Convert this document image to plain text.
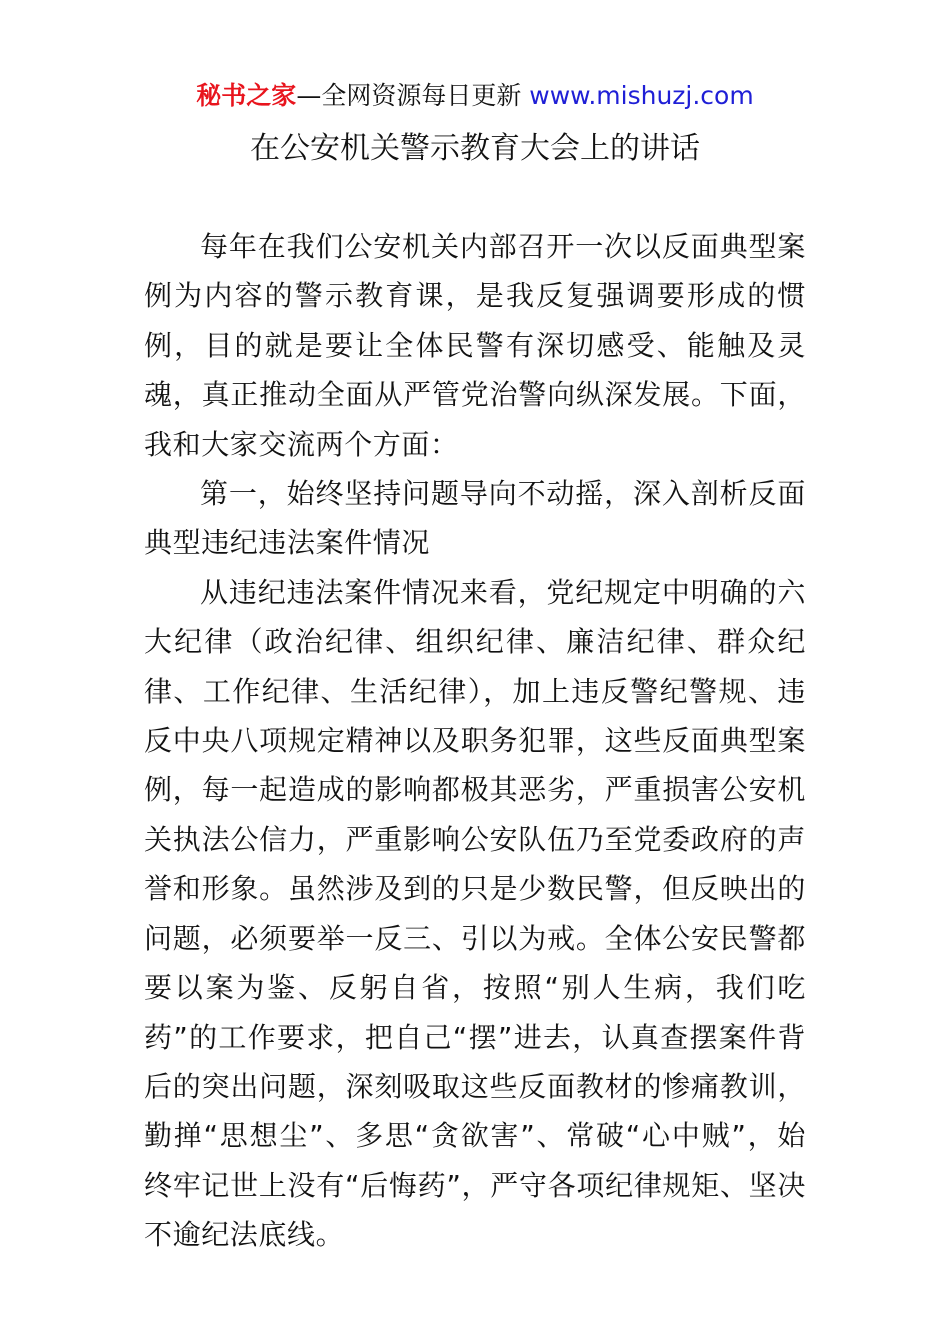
秘书之家—全网资源每日更新 www.mishuzj.com
在公安机关警示教育大会上的讲话

每年在我们公安机关内部召开一次以反面典型案例为内容的警示教育课，是我反复强调要形成的惯例，目的就是要让全体民警有深切感受、能触及灵魂，真正推动全面从严管党治警向纵深发展。下面，我和大家交流两个方面：

第一，始终坚持问题导向不动摇，深入剖析反面典型违纪违法案件情况

从违纪违法案件情况来看，党纪规定中明确的六大纪律（政治纪律、组织纪律、廉洁纪律、群众纪律、工作纪律、生活纪律），加上违反警纪警规、违反中央八项规定精神以及职务犯罪，这些反面典型案例，每一起造成的影响都极其恶劣，严重损害公安机关执法公信力，严重影响公安队伍乃至党委政府的声誉和形象。虽然涉及到的只是少数民警，但反映出的问题，必须要举一反三、引以为戒。全体公安民警都要以案为鉴、反躬自省，按照“别人生病，我们吃药”的工作要求，把自己“摆”进去，认真查摆案件背后的突出问题，深刻吸取这些反面教材的惨痛教训，勤掸“思想尘”、多思“贪欲害”、常破“心中贼”，始终牢记世上没有“后悔药”，严守各项纪律规矩、坚决不逾纪法底线。
